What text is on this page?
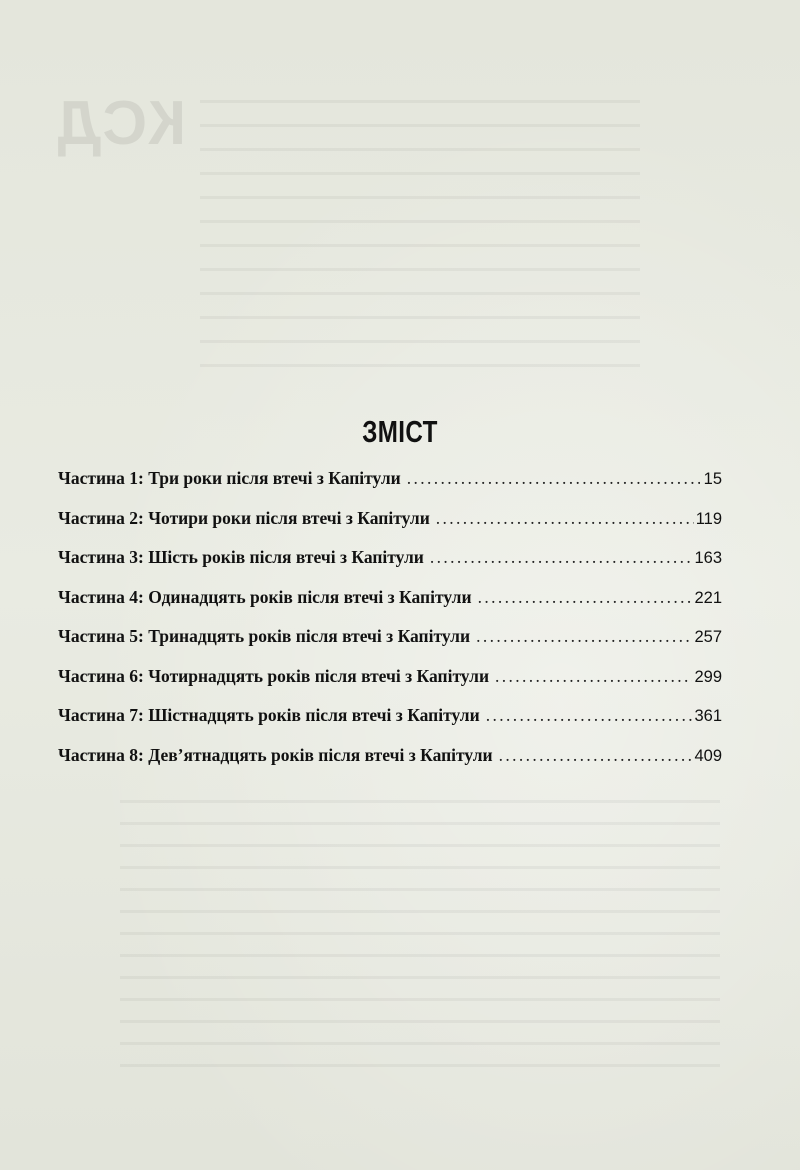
КСД
ЗМІСТ
Частина 1: Три роки після втечі з Капітули . . .	15
Частина 2: Чотири роки після втечі з Капітули . . .	119
Частина 3: Шість років після втечі з Капітули . . .	163
Частина 4: Одинадцять років після втечі з Капітули . . .	221
Частина 5: Тринадцять років після втечі з Капітули . . .	257
Частина 6: Чотирнадцять років після втечі з Капітули . . .	299
Частина 7: Шістнадцять років після втечі з Капітули . . .	361
Частина 8: Дев’ятнадцять років після втечі з Капітули . . .	409
